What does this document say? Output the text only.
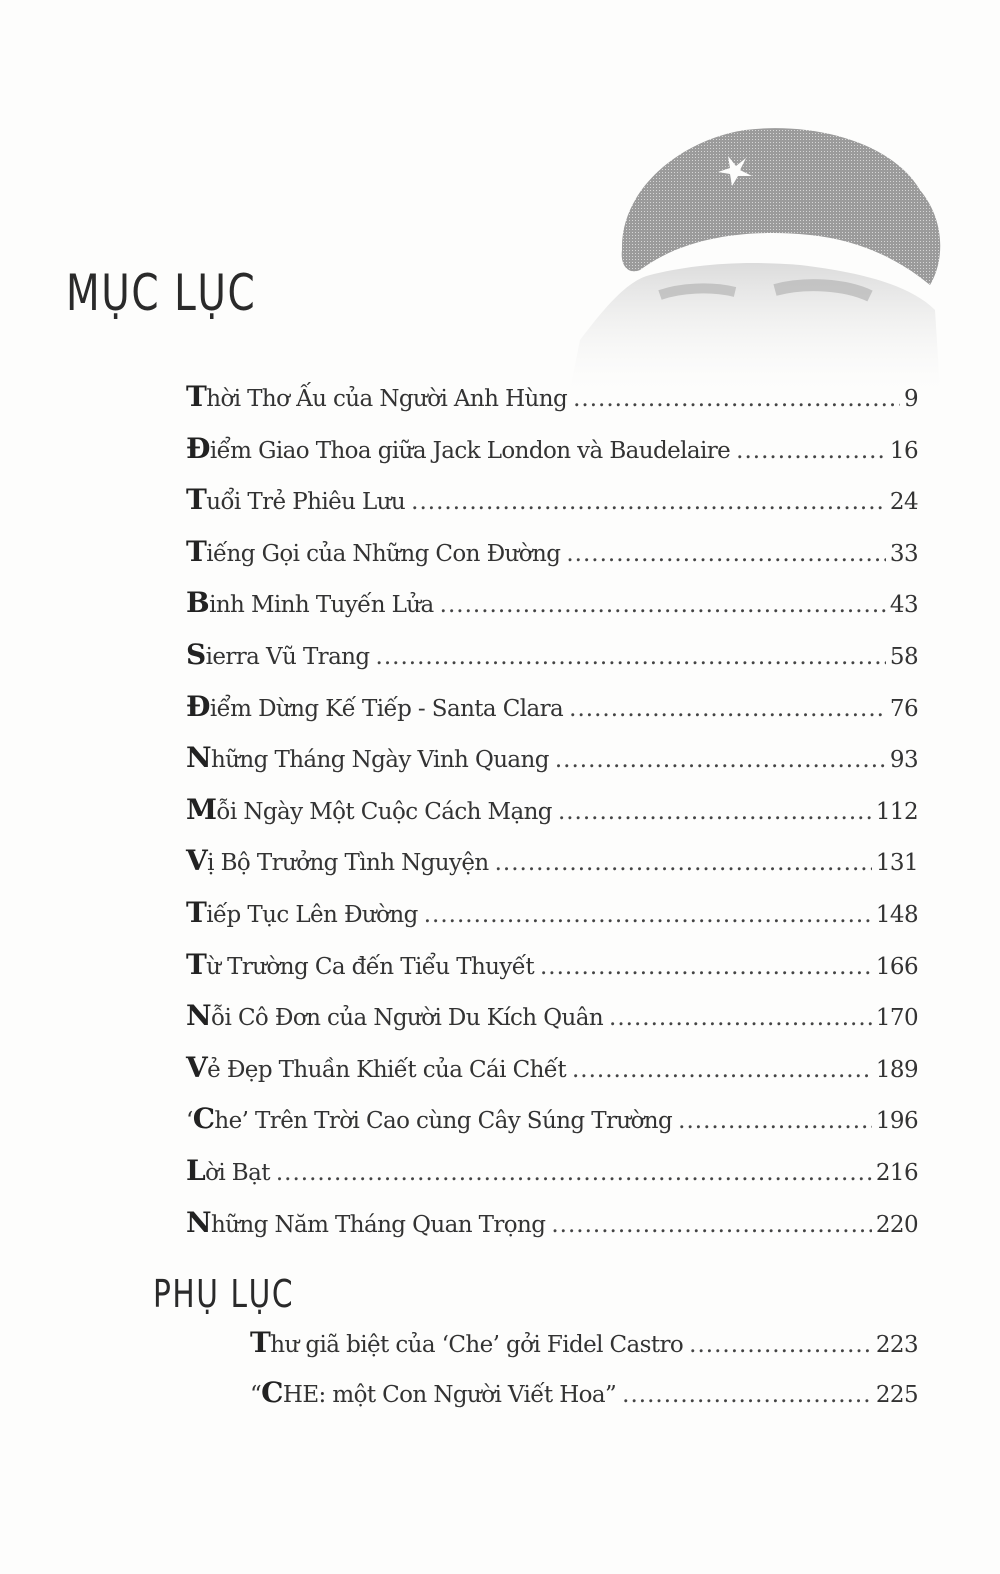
MỤC LỤC
Thời Thơ Ấu của Người Anh Hùng .....	9
Điểm Giao Thoa giữa Jack London và Baudelaire .....	16
Tuổi Trẻ Phiêu Lưu .....	24
Tiếng Gọi của Những Con Đường .....	33
Binh Minh Tuyến Lửa .....	43
Sierra Vũ Trang .....	58
Điểm Dừng Kế Tiếp - Santa Clara .....	76
Những Tháng Ngày Vinh Quang .....	93
Mỗi Ngày Một Cuộc Cách Mạng .....	112
Vị Bộ Trưởng Tình Nguyện .....	131
Tiếp Tục Lên Đường .....	148
Từ Trường Ca đến Tiểu Thuyết .....	166
Nỗi Cô Đơn của Người Du Kích Quân .....	170
Vẻ Đẹp Thuần Khiết của Cái Chết .....	189
‘Che’ Trên Trời Cao cùng Cây Súng Trường .....	196
Lời Bạt .....	216
Những Năm Tháng Quan Trọng .....	220
PHỤ LỤC
Thư giã biệt của ‘Che’ gởi Fidel Castro .....	223
“CHE: một Con Người Viết Hoa” .....	225
